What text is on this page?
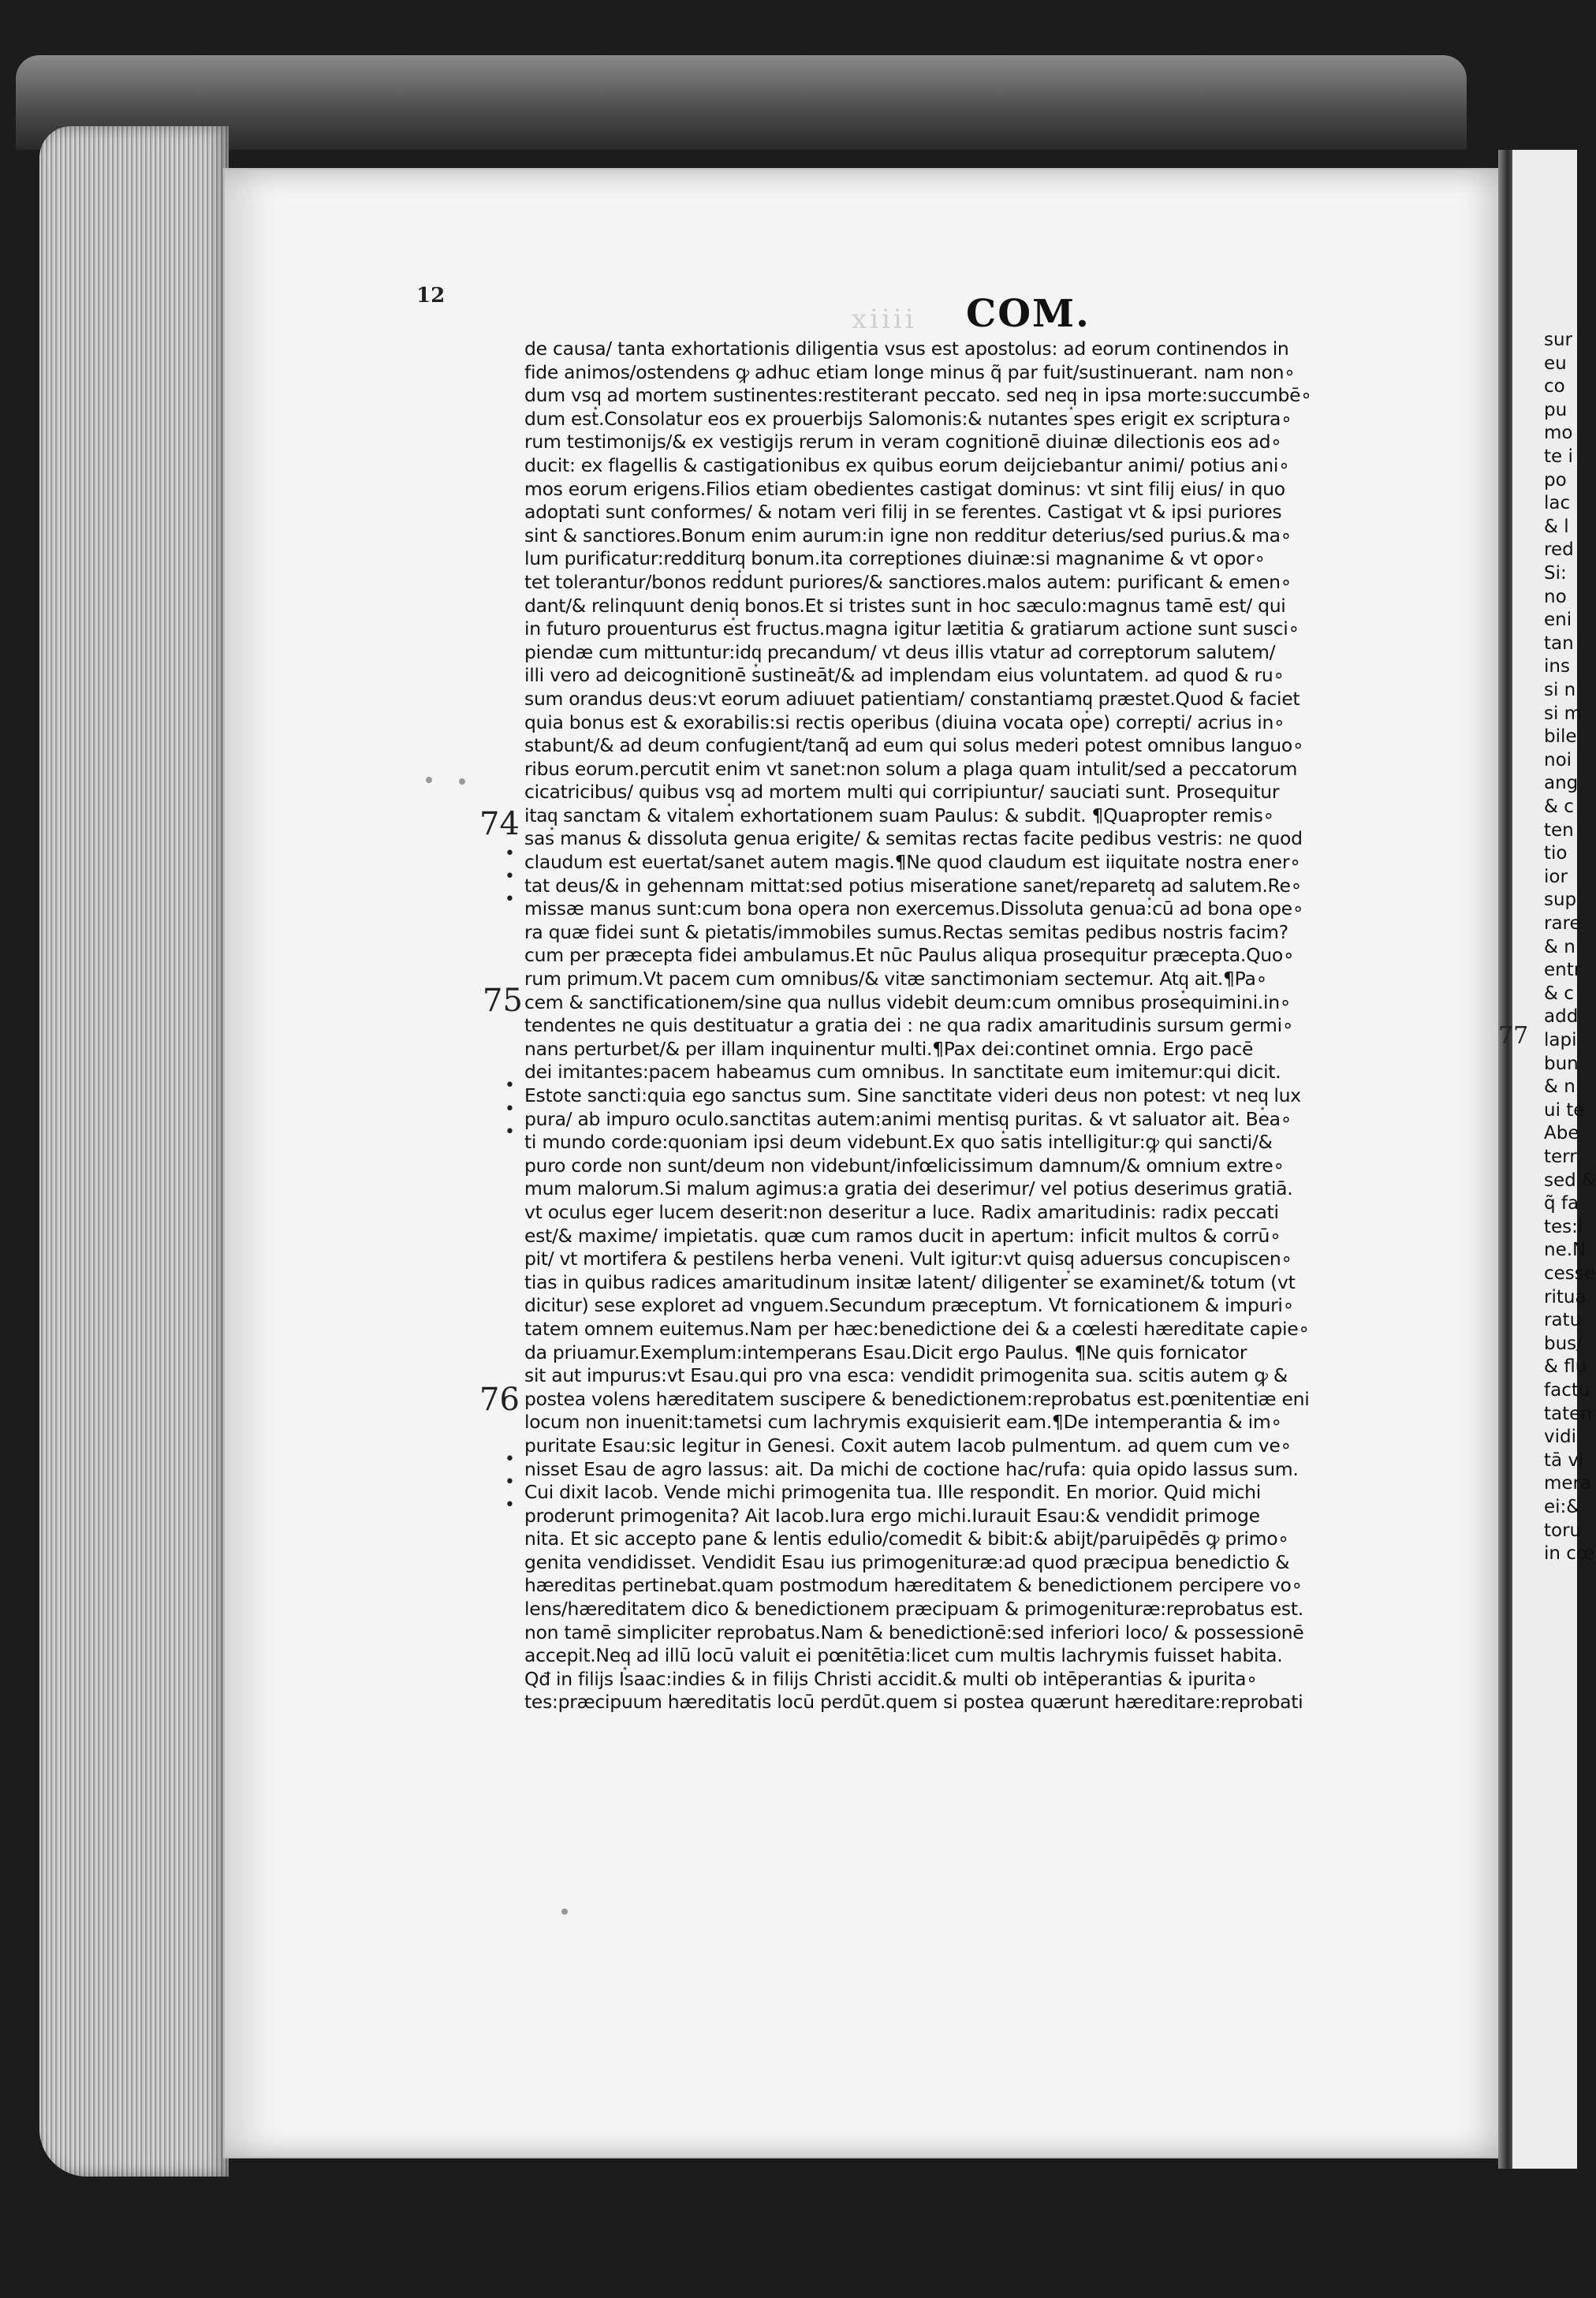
xiiii
12	COM.
de causa/ tanta exhortationis diligentia vsus est apostolus: ad eorum continendos in
fide animos/ostendens ꝙ adhuc etiam longe minus q̃ par fuit/sustinuerant. nam non∘
dum vsq͙ ad mortem sustinentes:restiterant peccato. sed neq͙ in ipsa morte:succumbē∘
dum est.Consolatur eos ex prouerbijs Salomonis:& nutantes spes erigit ex scriptura∘
rum testimonijs/& ex vestigijs rerum in veram cognitionē diuinæ dilectionis eos ad∘
ducit: ex flagellis & castigationibus ex quibus eorum deijciebantur animi/ potius ani∘
mos eorum erigens.Filios etiam obedientes castigat dominus: vt sint filij eius/ in quo
adoptati sunt conformes/ & notam veri filij in se ferentes. Castigat vt & ipsi puriores
sint & sanctiores.Bonum enim aurum:in igne non redditur deterius/sed purius.& ma∘
lum purificatur:redditurq͙ bonum.ita correptiones diuinæ:si magnanime & vt opor∘
tet tolerantur/bonos reddunt puriores/& sanctiores.malos autem: purificant & emen∘
dant/& relinquunt deniq͙ bonos.Et si tristes sunt in hoc sæculo:magnus tamē est/ qui
in futuro prouenturus est fructus.magna igitur lætitia & gratiarum actione sunt susci∘
piendæ cum mittuntur:idq͙ precandum/ vt deus illis vtatur ad correptorum salutem/
illi vero ad deicognitionē sustineāt/& ad implendam eius voluntatem. ad quod & ru∘
sum orandus deus:vt eorum adiuuet patientiam/ constantiamq͙ præstet.Quod & faciet
quia bonus est & exorabilis:si rectis operibus (diuina vocata ope) correpti/ acrius in∘
stabunt/& ad deum confugient/tanq̃ ad eum qui solus mederi potest omnibus languo∘
ribus eorum.percutit enim vt sanet:non solum a plaga quam intulit/sed a peccatorum
cicatricibus/ quibus vsq͙ ad mortem multi qui corripiuntur/ sauciati sunt. Prosequitur
itaq͙ sanctam & vitalem exhortationem suam Paulus: & subdit. ¶Quapropter remis∘
sas manus & dissoluta genua erigite/ & semitas rectas facite pedibus vestris: ne quod
claudum est euertat/sanet autem magis.¶Ne quod claudum est iiquitate nostra ener∘
tat deus/& in gehennam mittat:sed potius miseratione sanet/reparetq͙ ad salutem.Re∘
missæ manus sunt:cum bona opera non exercemus.Dissoluta genua:cū ad bona ope∘
ra quæ fidei sunt & pietatis/immobiles sumus.Rectas semitas pedibus nostris facim?
cum per præcepta fidei ambulamus.Et nūc Paulus aliqua prosequitur præcepta.Quo∘
rum primum.Vt pacem cum omnibus/& vitæ sanctimoniam sectemur. Atq͙ ait.¶Pa∘
cem & sanctificationem/sine qua nullus videbit deum:cum omnibus prosequimini.in∘
tendentes ne quis destituatur a gratia dei : ne qua radix amaritudinis sursum germi∘
nans perturbet/& per illam inquinentur multi.¶Pax dei:continet omnia. Ergo pacē
dei imitantes:pacem habeamus cum omnibus. In sanctitate eum imitemur:qui dicit.
Estote sancti:quia ego sanctus sum. Sine sanctitate videri deus non potest: vt neq͙ lux
pura/ ab impuro oculo.sanctitas autem:animi mentisq͙ puritas. & vt saluator ait. Bea∘
ti mundo corde:quoniam ipsi deum videbunt.Ex quo satis intelligitur:ꝙ qui sancti/&
puro corde non sunt/deum non videbunt/infœlicissimum damnum/& omnium extre∘
mum malorum.Si malum agimus:a gratia dei deserimur/ vel potius deserimus gratiā.
vt oculus eger lucem deserit:non deseritur a luce. Radix amaritudinis: radix peccati
est/& maxime/ impietatis. quæ cum ramos ducit in apertum: inficit multos & corrū∘
pit/ vt mortifera & pestilens herba veneni. Vult igitur:vt quisq͙ aduersus concupiscen∘
tias in quibus radices amaritudinum insitæ latent/ diligenter se examinet/& totum (vt
dicitur) sese exploret ad vnguem.Secundum præceptum. Vt fornicationem & impuri∘
tatem omnem euitemus.Nam per hæc:benedictione dei & a cœlesti hæreditate capie∘
da priuamur.Exemplum:intemperans Esau.Dicit ergo Paulus. ¶Ne quis fornicator
sit aut impurus:vt Esau.qui pro vna esca: vendidit primogenita sua. scitis autem ꝙ &
postea volens hæreditatem suscipere & benedictionem:reprobatus est.pœnitentiæ eni
locum non inuenit:tametsi cum lachrymis exquisierit eam.¶De intemperantia & im∘
puritate Esau:sic legitur in Genesi. Coxit autem Iacob pulmentum. ad quem cum ve∘
nisset Esau de agro lassus: ait. Da michi de coctione hac/rufa: quia opido lassus sum.
Cui dixit Iacob. Vende michi primogenita tua. Ille respondit. En morior. Quid michi
proderunt primogenita? Ait Iacob.Iura ergo michi.Iurauit Esau:& vendidit primoge
nita. Et sic accepto pane & lentis edulio/comedit & bibit:& abijt/paruipēdēs ꝙ primo∘
genita vendidisset. Vendidit Esau ius primogenituræ:ad quod præcipua benedictio &
hæreditas pertinebat.quam postmodum hæreditatem & benedictionem percipere vo∘
lens/hæreditatem dico & benedictionem præcipuam & primogenituræ:reprobatus est.
non tamē simpliciter reprobatus.Nam & benedictionē:sed inferiori loco/ & possessionē
accepit.Neq͙ ad illū locū valuit ei pœnitētia:licet cum multis lachrymis fuisset habita.
Qđ in filijs Isaac:indies & in filijs Christi accidit.& multi ob intēperantias & ipurita∘
tes:præcipuum hæreditatis locū perdūt.quem si postea quærunt hæreditare:reprobati
74
75
76
•
•
•
•
•
•
•
•
•
77
sur
eu
co
pu
mo
te i
po
lac
& l
red
Si:
no
eni
tan
ins
si n
si m
bile
noi
ang
& c
ten
tio
ior
sup
rare
& n
entr
& c
add
lapi
bun
& n
ui te
Abe
terr
sed &
q̃ fa
tes:l
ne.N
cesse
ritua
ratu
bus/
& flu
factu
taten
vidi
tā vi
mera
ei:&
toru
in cœ
